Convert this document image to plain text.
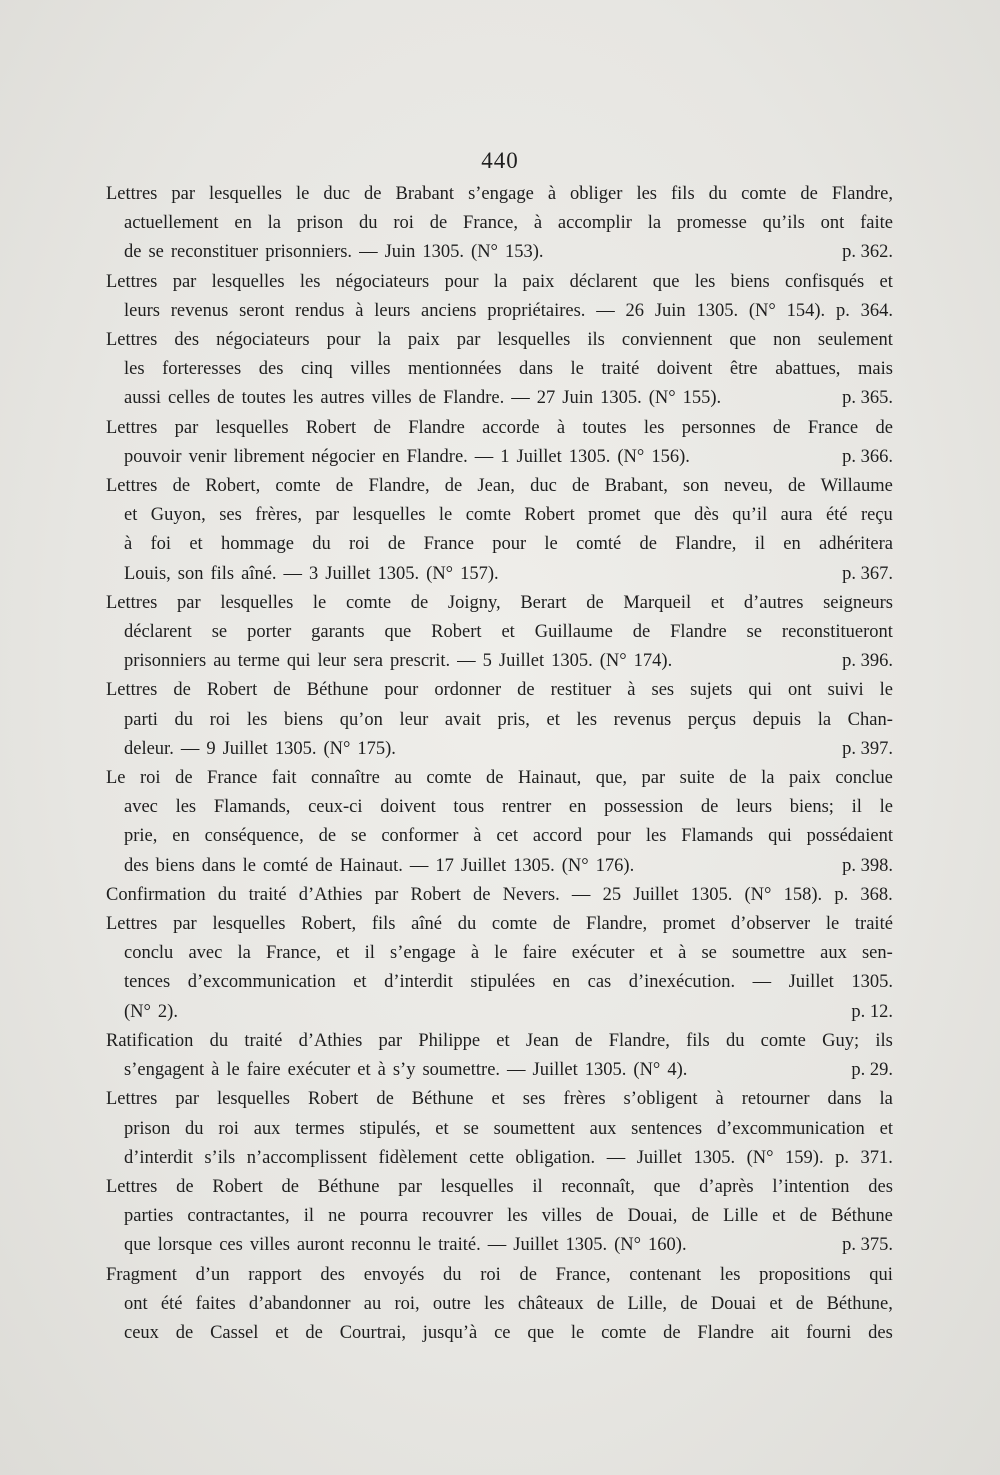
440
Lettres par lesquelles le duc de Brabant s’engage à obliger les fils du comte de Flandre,
actuellement en la prison du roi de France, à accomplir la promesse qu’ils ont faite
de se reconstituer prisonniers. — Juin 1305. (N° 153).	p. 362.
Lettres par lesquelles les négociateurs pour la paix déclarent que les biens confisqués et
leurs revenus seront rendus à leurs anciens propriétaires. — 26 Juin 1305. (N° 154). p. 364.
Lettres des négociateurs pour la paix par lesquelles ils conviennent que non seulement
les forteresses des cinq villes mentionnées dans le traité doivent être abattues, mais
aussi celles de toutes les autres villes de Flandre. — 27 Juin 1305. (N° 155).	p. 365.
Lettres par lesquelles Robert de Flandre accorde à toutes les personnes de France de
pouvoir venir librement négocier en Flandre. — 1 Juillet 1305. (N° 156).	p. 366.
Lettres de Robert, comte de Flandre, de Jean, duc de Brabant, son neveu, de Willaume
et Guyon, ses frères, par lesquelles le comte Robert promet que dès qu’il aura été reçu
à foi et hommage du roi de France pour le comté de Flandre, il en adhéritera
Louis, son fils aîné. — 3 Juillet 1305. (N° 157).	p. 367.
Lettres par lesquelles le comte de Joigny, Berart de Marqueil et d’autres seigneurs
déclarent se porter garants que Robert et Guillaume de Flandre se reconstitueront
prisonniers au terme qui leur sera prescrit. — 5 Juillet 1305. (N° 174).	p. 396.
Lettres de Robert de Béthune pour ordonner de restituer à ses sujets qui ont suivi le
parti du roi les biens qu’on leur avait pris, et les revenus perçus depuis la Chan-
deleur. — 9 Juillet 1305. (N° 175).	p. 397.
Le roi de France fait connaître au comte de Hainaut, que, par suite de la paix conclue
avec les Flamands, ceux-ci doivent tous rentrer en possession de leurs biens; il le
prie, en conséquence, de se conformer à cet accord pour les Flamands qui possédaient
des biens dans le comté de Hainaut. — 17 Juillet 1305. (N° 176).	p. 398.
Confirmation du traité d’Athies par Robert de Nevers. — 25 Juillet 1305. (N° 158). p. 368.
Lettres par lesquelles Robert, fils aîné du comte de Flandre, promet d’observer le traité
conclu avec la France, et il s’engage à le faire exécuter et à se soumettre aux sen-
tences d’excommunication et d’interdit stipulées en cas d’inexécution. — Juillet 1305.
(N° 2).	p. 12.
Ratification du traité d’Athies par Philippe et Jean de Flandre, fils du comte Guy; ils
s’engagent à le faire exécuter et à s’y soumettre. — Juillet 1305. (N° 4).	p. 29.
Lettres par lesquelles Robert de Béthune et ses frères s’obligent à retourner dans la
prison du roi aux termes stipulés, et se soumettent aux sentences d’excommunication et
d’interdit s’ils n’accomplissent fidèlement cette obligation. — Juillet 1305. (N° 159). p. 371.
Lettres de Robert de Béthune par lesquelles il reconnaît, que d’après l’intention des
parties contractantes, il ne pourra recouvrer les villes de Douai, de Lille et de Béthune
que lorsque ces villes auront reconnu le traité. — Juillet 1305. (N° 160).	p. 375.
Fragment d’un rapport des envoyés du roi de France, contenant les propositions qui
ont été faites d’abandonner au roi, outre les châteaux de Lille, de Douai et de Béthune,
ceux de Cassel et de Courtrai, jusqu’à ce que le comte de Flandre ait fourni des
